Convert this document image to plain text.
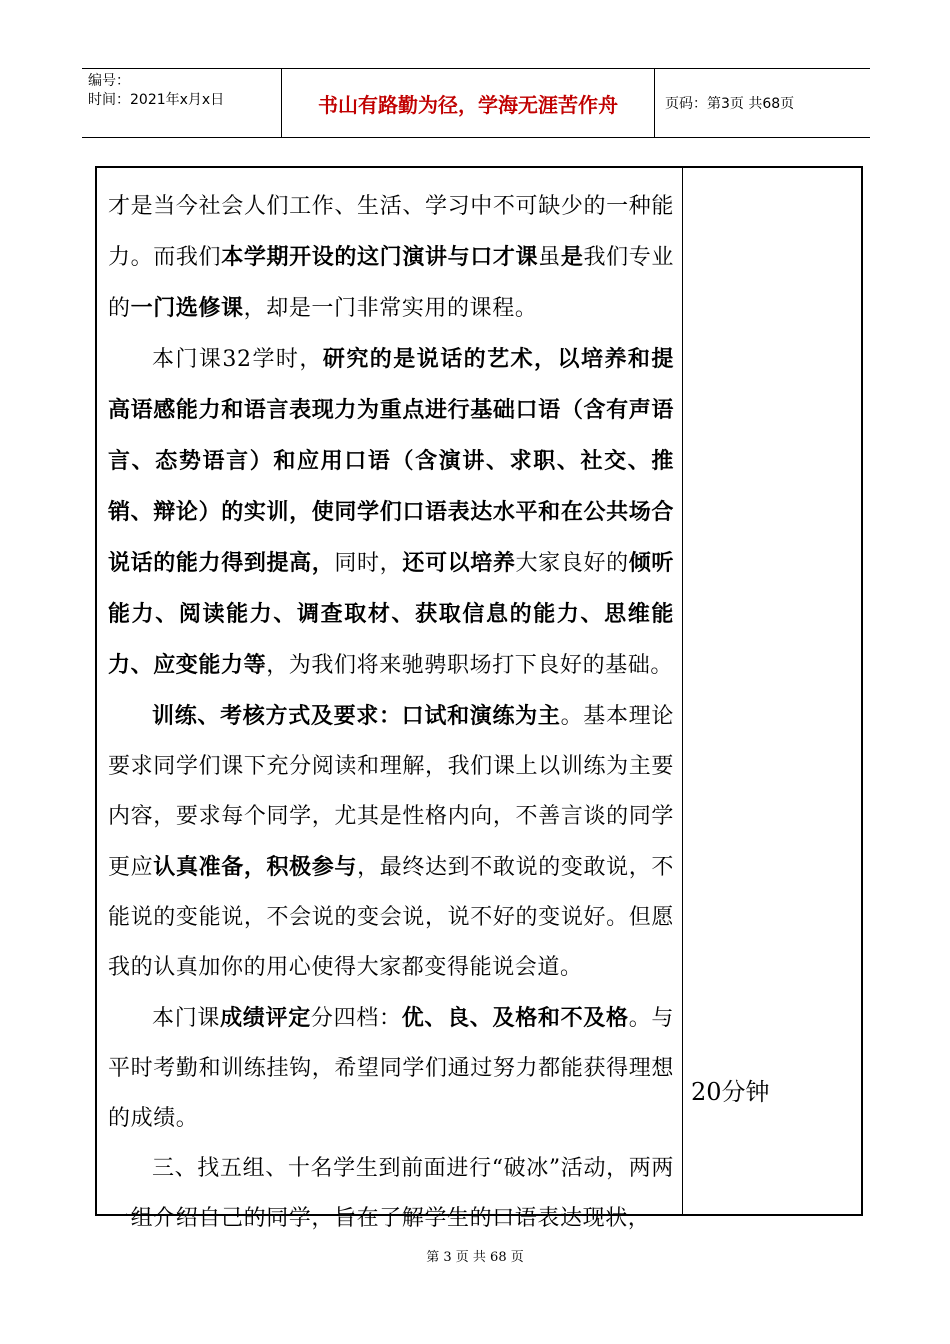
编号：
时间：2021年x月x日	书山有路勤为径，学海无涯苦作舟	页码：第3页 共68页

才是当今社会人们工作、生活、学习中不可缺少的一种能力。而我们本学期开设的这门演讲与口才课虽是我们专业的一门选修课，却是一门非常实用的课程。

本门课32学时，研究的是说话的艺术，以培养和提高语感能力和语言表现力为重点进行基础口语（含有声语言、态势语言）和应用口语（含演讲、求职、社交、推销、辩论）的实训，使同学们口语表达水平和在公共场合说话的能力得到提高，同时，还可以培养大家良好的倾听能力、阅读能力、调查取材、获取信息的能力、思维能力、应变能力等，为我们将来驰骋职场打下良好的基础。

训练、考核方式及要求：口试和演练为主。基本理论要求同学们课下充分阅读和理解，我们课上以训练为主要内容，要求每个同学，尤其是性格内向，不善言谈的同学更应认真准备，积极参与，最终达到不敢说的变敢说，不能说的变能说，不会说的变会说，说不好的变说好。但愿我的认真加你的用心使得大家都变得能说会道。

本门课成绩评定分四档：优、良、及格和不及格。与平时考勤和训练挂钩，希望同学们通过努力都能获得理想的成绩。

三、找五组、十名学生到前面进行“破冰”活动，两两一组介绍自己的同学，旨在了解学生的口语表达现状，

20分钟
第 3 页 共 68 页
